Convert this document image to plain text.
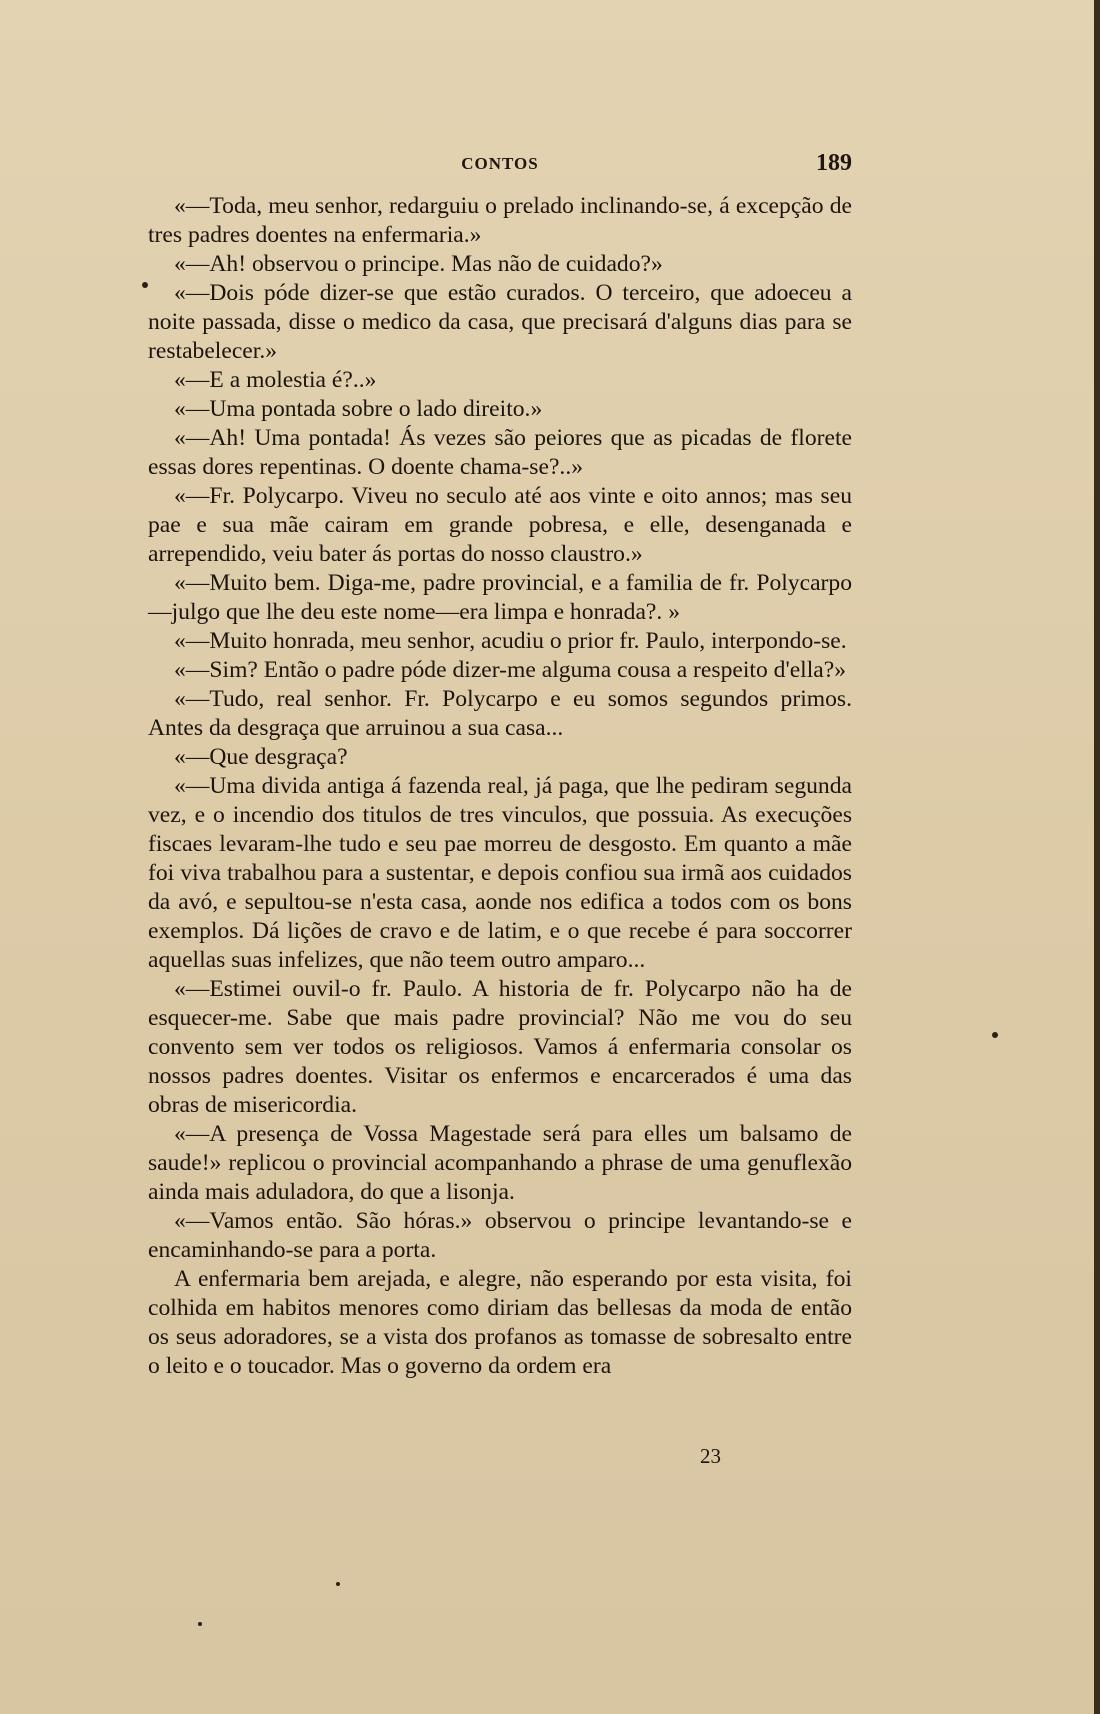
CONTOS	189

«—Toda, meu senhor, redarguiu o prelado inclinando-se, á excepção de tres padres doentes na enfermaria.»

«—Ah! observou o principe. Mas não de cuidado?»

«—Dois póde dizer-se que estão curados. O terceiro, que adoeceu a noite passada, disse o medico da casa, que precisará d'alguns dias para se restabelecer.»

«—E a molestia é?..»

«—Uma pontada sobre o lado direito.»

«—Ah! Uma pontada! Ás vezes são peiores que as picadas de florete essas dores repentinas. O doente chama-se?..»

«—Fr. Polycarpo. Viveu no seculo até aos vinte e oito annos; mas seu pae e sua mãe cairam em grande pobresa, e elle, desenganada e arrependido, veiu bater ás portas do nosso claustro.»

«—Muito bem. Diga-me, padre provincial, e a familia de fr. Polycarpo—julgo que lhe deu este nome—era limpa e honrada?. »

«—Muito honrada, meu senhor, acudiu o prior fr. Paulo, interpondo-se.

«—Sim? Então o padre póde dizer-me alguma cousa a respeito d'ella?»

«—Tudo, real senhor. Fr. Polycarpo e eu somos segundos primos. Antes da desgraça que arruinou a sua casa...

«—Que desgraça?

«—Uma divida antiga á fazenda real, já paga, que lhe pediram segunda vez, e o incendio dos titulos de tres vinculos, que possuia. As execuções fiscaes levaram-lhe tudo e seu pae morreu de desgosto. Em quanto a mãe foi viva trabalhou para a sustentar, e depois confiou sua irmã aos cuidados da avó, e sepultou-se n'esta casa, aonde nos edifica a todos com os bons exemplos. Dá lições de cravo e de latim, e o que recebe é para soccorrer aquellas suas infelizes, que não teem outro amparo...

«—Estimei ouvil-o fr. Paulo. A historia de fr. Polycarpo não ha de esquecer-me. Sabe que mais padre provincial? Não me vou do seu convento sem ver todos os religiosos. Vamos á enfermaria consolar os nossos padres doentes. Visitar os enfermos e encarcerados é uma das obras de misericordia.

«—A presença de Vossa Magestade será para elles um balsamo de saude!» replicou o provincial acompanhando a phrase de uma genuflexão ainda mais aduladora, do que a lisonja.

«—Vamos então. São hóras.» observou o principe levantando-se e encaminhando-se para a porta.

A enfermaria bem arejada, e alegre, não esperando por esta visita, foi colhida em habitos menores como diriam das bellesas da moda de então os seus adoradores, se a vista dos profanos as tomasse de sobresalto entre o leito e o toucador. Mas o governo da ordem era

23
